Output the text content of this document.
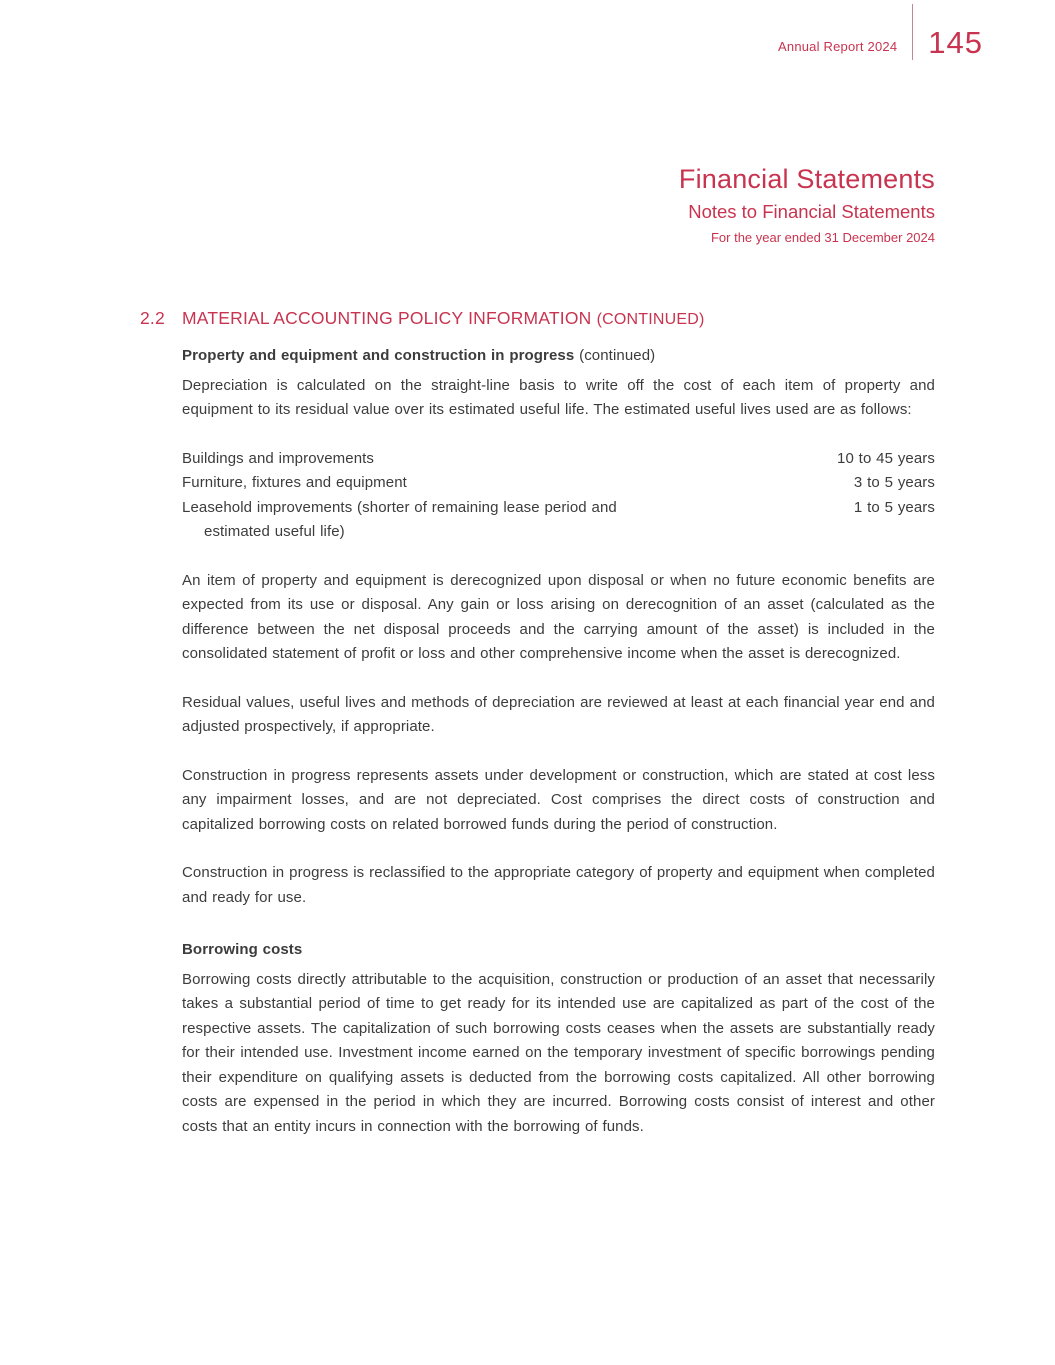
Annual Report 2024 145
Financial Statements
Notes to Financial Statements
For the year ended 31 December 2024
2.2 MATERIAL ACCOUNTING POLICY INFORMATION (CONTINUED)

Property and equipment and construction in progress (continued)

Depreciation is calculated on the straight-line basis to write off the cost of each item of property and equipment to its residual value over its estimated useful life. The estimated useful lives used are as follows:

Buildings and improvements	10 to 45 years
Furniture, fixtures and equipment	3 to 5 years
Leasehold improvements (shorter of remaining lease period and
estimated useful life)
1 to 5 years

An item of property and equipment is derecognized upon disposal or when no future economic benefits are expected from its use or disposal. Any gain or loss arising on derecognition of an asset (calculated as the difference between the net disposal proceeds and the carrying amount of the asset) is included in the consolidated statement of profit or loss and other comprehensive income when the asset is derecognized.

Residual values, useful lives and methods of depreciation are reviewed at least at each financial year end and adjusted prospectively, if appropriate.

Construction in progress represents assets under development or construction, which are stated at cost less any impairment losses, and are not depreciated. Cost comprises the direct costs of construction and capitalized borrowing costs on related borrowed funds during the period of construction.

Construction in progress is reclassified to the appropriate category of property and equipment when completed and ready for use.

Borrowing costs

Borrowing costs directly attributable to the acquisition, construction or production of an asset that necessarily takes a substantial period of time to get ready for its intended use are capitalized as part of the cost of the respective assets. The capitalization of such borrowing costs ceases when the assets are substantially ready for their intended use. Investment income earned on the temporary investment of specific borrowings pending their expenditure on qualifying assets is deducted from the borrowing costs capitalized. All other borrowing costs are expensed in the period in which they are incurred. Borrowing costs consist of interest and other costs that an entity incurs in connection with the borrowing of funds.
